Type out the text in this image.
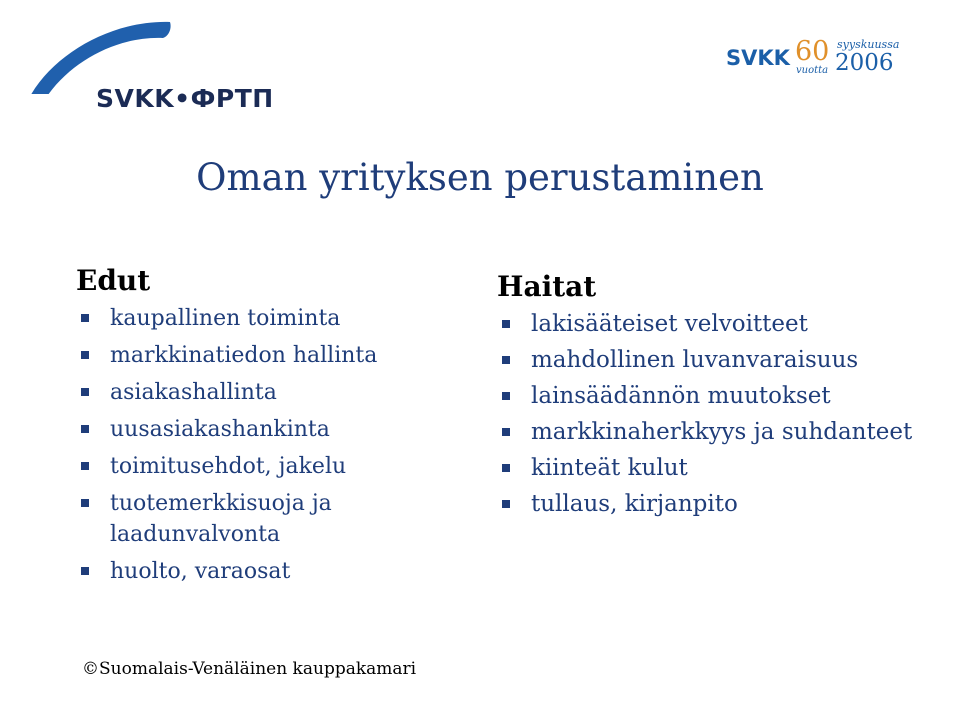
SVKK•ФРТП
SVKK 60
vuotta
syyskuussa
2006
Oman yrityksen perustaminen
Edut
kaupallinen toiminta
markkinatiedon hallinta
asiakashallinta
uusasiakashankinta
toimitusehdot, jakelu
tuotemerkkisuoja ja laadunvalvonta
huolto, varaosat
Haitat
lakisääteiset velvoitteet
mahdollinen luvanvaraisuus
lainsäädännön muutokset
markkinaherkkyys ja suhdanteet
kiinteät kulut
tullaus, kirjanpito
©Suomalais-Venäläinen kauppakamari
